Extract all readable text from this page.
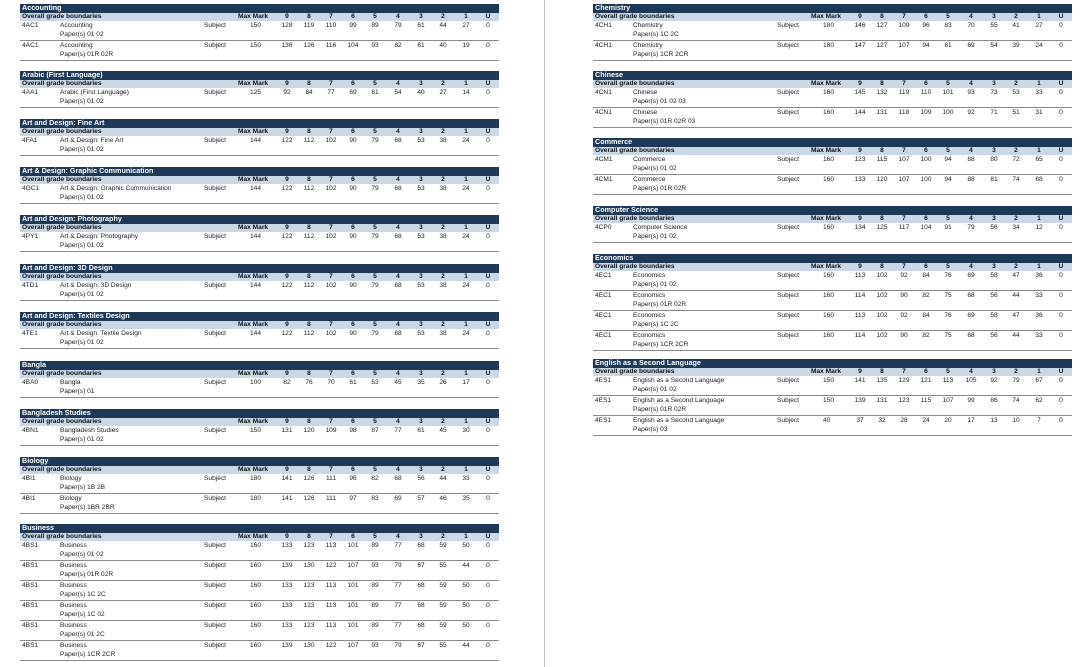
Accounting
Overall grade boundaries	Max Mark	9	8	7	6	5	4	3	2	1	U
4AC1	Accounting
Paper(s) 01 02
Subject	150	128	119	110	99	89	79	61	44	27	0
4AC1	Accounting
Paper(s) 01R 02R
Subject	150	136	126	116	104	93	82	61	40	19	0
Arabic (First Language)
Overall grade boundaries	Max Mark	9	8	7	6	5	4	3	2	1	U
4AA1	Arabic (First Language)
Paper(s) 01 02
Subject	125	92	84	77	69	61	54	40	27	14	0
Art and Design: Fine Art
Overall grade boundaries	Max Mark	9	8	7	6	5	4	3	2	1	U
4FA1	Art & Design: Fine Art
Paper(s) 01 02
Subject	144	122	112	102	90	79	68	53	38	24	0
Art & Design: Graphic Communication
Overall grade boundaries	Max Mark	9	8	7	6	5	4	3	2	1	U
4GC1	Art & Design: Graphic Communication
Paper(s) 01 02
Subject	144	122	112	102	90	79	68	53	38	24	0
Art and Design: Photography
Overall grade boundaries	Max Mark	9	8	7	6	5	4	3	2	1	U
4PY1	Art & Design: Photography
Paper(s) 01 02
Subject	144	122	112	102	90	79	68	53	38	24	0
Art and Design: 3D Design
Overall grade boundaries	Max Mark	9	8	7	6	5	4	3	2	1	U
4TD1	Art & Design: 3D Design
Paper(s) 01 02
Subject	144	122	112	102	90	79	68	53	38	24	0
Art and Design: Textiles Design
Overall grade boundaries	Max Mark	9	8	7	6	5	4	3	2	1	U
4TE1	Art & Design: Textile Design
Paper(s) 01 02
Subject	144	122	112	102	90	79	68	53	38	24	0
Bangla
Overall grade boundaries	Max Mark	9	8	7	6	5	4	3	2	1	U
4BA0	Bangla
Paper(s) 01
Subject	100	82	76	70	61	53	45	35	26	17	0
Bangladesh Studies
Overall grade boundaries	Max Mark	9	8	7	6	5	4	3	2	1	U
4BN1	Bangladesh Studies
Paper(s) 01 02
Subject	150	131	120	109	98	87	77	61	45	30	0
Biology
Overall grade boundaries	Max Mark	9	8	7	6	5	4	3	2	1	U
4BI1	Biology
Paper(s) 1B 2B
Subject	180	141	126	111	96	82	68	56	44	33	0
4BI1	Biology
Paper(s) 1BR 2BR
Subject	180	141	126	111	97	83	69	57	46	35	0
Business
Overall grade boundaries	Max Mark	9	8	7	6	5	4	3	2	1	U
4BS1	Business
Paper(s) 01 02
Subject	160	133	123	113	101	89	77	68	59	50	0
4BS1	Business
Paper(s) 01R 02R
Subject	160	139	130	122	107	93	79	67	55	44	0
4BS1	Business
Paper(s) 1C 2C
Subject	160	133	123	113	101	89	77	68	59	50	0
4BS1	Business
Paper(s) 1C 02
Subject	160	133	123	113	101	89	77	68	59	50	0
4BS1	Business
Paper(s) 01 2C
Subject	160	133	123	113	101	89	77	68	59	50	0
4BS1	Business
Paper(s) 1CR 2CR
Subject	160	139	130	122	107	93	79	67	55	44	0
Chemistry
Overall grade boundaries	Max Mark	9	8	7	6	5	4	3	2	1	U
4CH1	Chemistry
Paper(s) 1C 2C
Subject	180	146	127	109	96	83	70	55	41	27	0
4CH1	Chemistry
Paper(s) 1CR 2CR
Subject	180	147	127	107	94	81	69	54	39	24	0
Chinese
Overall grade boundaries	Max Mark	9	8	7	6	5	4	3	2	1	U
4CN1	Chinese
Paper(s) 01 02 03
Subject	160	145	132	119	110	101	93	73	53	33	0
4CN1	Chinese
Paper(s) 01R 02R 03
Subject	160	144	131	118	109	100	92	71	51	31	0
Commerce
Overall grade boundaries	Max Mark	9	8	7	6	5	4	3	2	1	U
4CM1	Commerce
Paper(s) 01 02
Subject	160	123	115	107	100	94	88	80	72	65	0
4CM1	Commerce
Paper(s) 01R 02R
Subject	160	133	120	107	100	94	88	81	74	68	0
Computer Science
Overall grade boundaries	Max Mark	9	8	7	6	5	4	3	2	1	U
4CP0	Computer Science
Paper(s) 01 02
Subject	160	134	125	117	104	91	79	56	34	12	0
Economics
Overall grade boundaries	Max Mark	9	8	7	6	5	4	3	2	1	U
4EC1	Economics
Paper(s) 01 02
Subject	160	113	102	92	84	76	69	58	47	36	0
4EC1	Economics
Paper(s) 01R 02R
Subject	160	114	102	90	82	75	68	56	44	33	0
4EC1	Economics
Paper(s) 1C 2C
Subject	160	113	102	92	84	76	69	58	47	36	0
4EC1	Economics
Paper(s) 1CR 2CR
Subject	160	114	102	90	82	75	68	56	44	33	0
English as a Second Language
Overall grade boundaries	Max Mark	9	8	7	6	5	4	3	2	1	U
4ES1	English as a Second Language
Paper(s) 01 02
Subject	150	141	135	129	121	113	105	92	79	67	0
4ES1	English as a Second Language
Paper(s) 01R 02R
Subject	150	139	131	123	115	107	99	86	74	62	0
4ES1	English as a Second Language
Paper(s) 03
Subject	40	37	32	28	24	20	17	13	10	7	0
